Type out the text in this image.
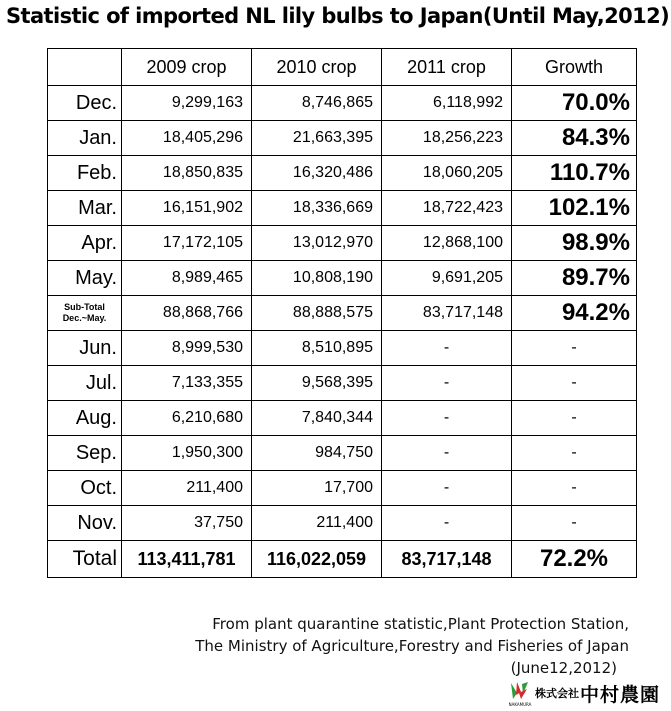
Statistic of imported NL lily bulbs to Japan(Until May,2012)
	2009 crop	2010 crop	2011 crop	Growth
Dec.	9,299,163	8,746,865	6,118,992	70.0%
Jan.	18,405,296	21,663,395	18,256,223	84.3%
Feb.	18,850,835	16,320,486	18,060,205	110.7%
Mar.	16,151,902	18,336,669	18,722,423	102.1%
Apr.	17,172,105	13,012,970	12,868,100	98.9%
May.	8,989,465	10,808,190	9,691,205	89.7%

Sub-Total
Dec.~May.	88,868,766	88,888,575	83,717,148	94.2%
Jun.	8,999,530	8,510,895	-	-
Jul.	7,133,355	9,568,395	-	-
Aug.	6,210,680	7,840,344	-	-
Sep.	1,950,300	984,750	-	-
Oct.	211,400	17,700	-	-
Nov.	37,750	211,400	-	-
Total	113,411,781	116,022,059	83,717,148	72.2%
From plant quarantine statistic,Plant Protection Station,
The Ministry of Agriculture,Forestry and Fisheries of Japan
(June12,2012)
NAKAMURA
株式会社 中村農園
